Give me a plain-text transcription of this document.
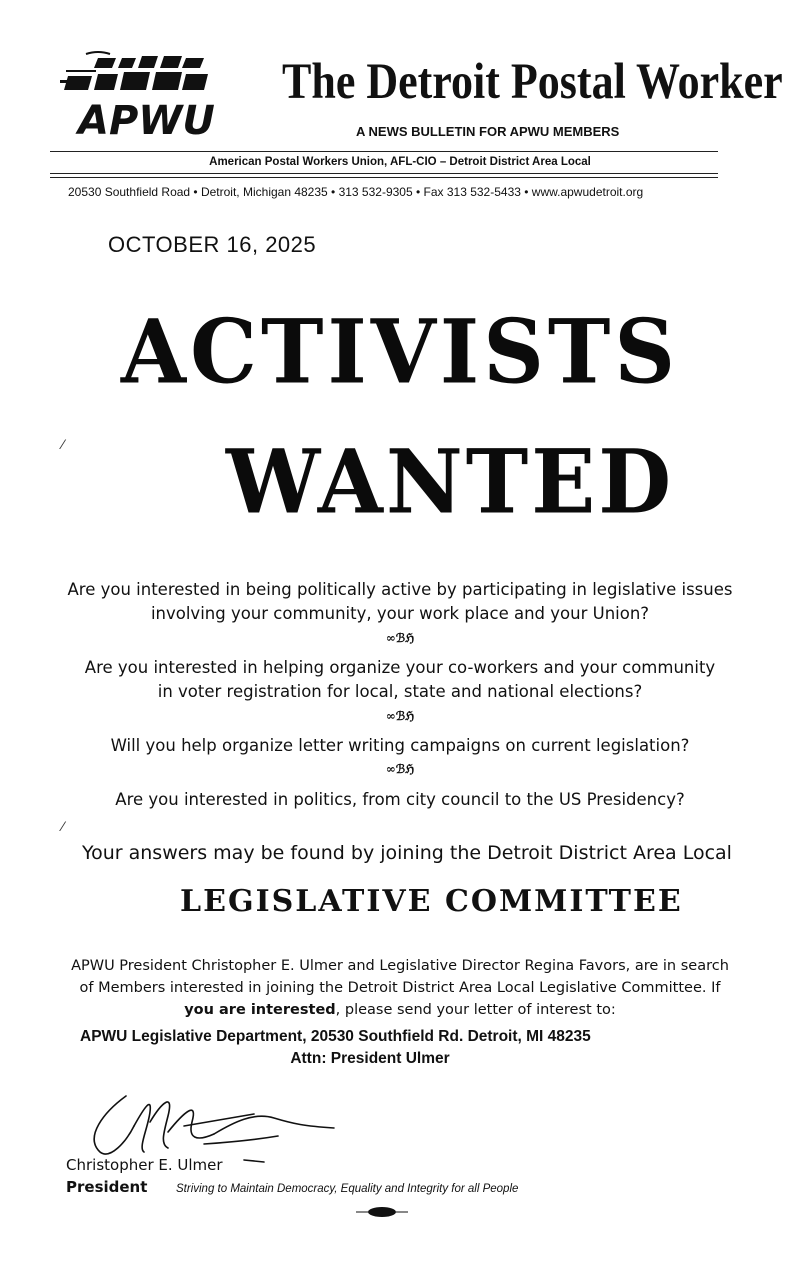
APWU
The Detroit Postal Worker
A NEWS BULLETIN FOR APWU MEMBERS
American Postal Workers Union, AFL-CIO – Detroit District Area Local
20530 Southfield Road • Detroit, Michigan 48235 • 313 532-9305 • Fax 313 532-5433 • www.apwudetroit.org
OCTOBER 16, 2025
ACTIVISTS
⁄	WANTED
Are you interested in being politically active by participating in legislative issues
involving your community, your work place and your Union?
∞ℬℌ
Are you interested in helping organize your co-workers and your community
in voter registration for local, state and national elections?
∞ℬℌ
Will you help organize letter writing campaigns on current legislation?
∞ℬℌ
Are you interested in politics, from city council to the US Presidency?
⁄
Your answers may be found by joining the Detroit District Area Local
LEGISLATIVE COMMITTEE
APWU President Christopher E. Ulmer and Legislative Director Regina Favors, are in search
of Members interested in joining the Detroit District Area Local Legislative Committee. If
you are interested, please send your letter of interest to:
APWU Legislative Department, 20530 Southfield Rd. Detroit, MI 48235
Attn: President Ulmer
Christopher E. Ulmer
President Striving to Maintain Democracy, Equality and Integrity for all People
